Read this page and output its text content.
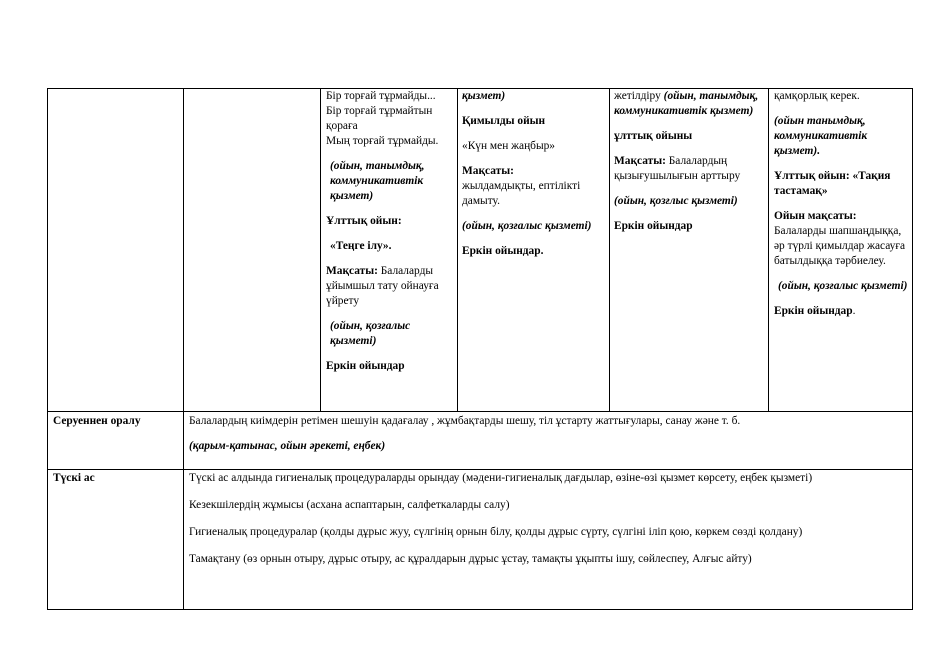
Бір торғай тұрмайды...

Бір торғай тұрмайтын

қораға

Мың торғай тұрмайды.

(ойын, танымдық, коммуникативтік қызмет)

Ұлттық ойын:

«Теңге ілу».

Мақсаты: Балаларды ұйымшыл тату ойнауға үйрету

(ойын, қозғалыс қызметі)

Еркін ойындар

қызмет)

Қимылды ойын

«Күн мен жаңбыр»

Мақсаты:

жылдамдықты, ептілікті дамыту.

(ойын, қозғалыс қызметі)

Еркін ойындар.

жетілдіру (ойын, танымдық, коммуникативтік қызмет)

ұлттық ойыны

Мақсаты: Балалардың қызығушылығын арттыру

(ойын, қозғлыс қызметі)

Еркін ойындар

қамқорлық керек.

(ойын танымдық, коммуникативтік қызмет).

Ұлттық ойын: «Тақия тастамақ»

Ойын мақсаты: Балаларды шапшаңдыққа, әр түрлі қимылдар жасауға батылдыққа тәрбиелеу.

(ойын, қозғалыс қызметі)

Еркін ойындар.

Серуеннен оралу	Балалардың киімдерін ретімен шешуін қадағалау , жұмбақтарды шешу, тіл ұстарту жаттығулары, санау және т. б.

(қарым-қатынас, ойын әрекеті, еңбек)

Түскі ас	Түскі ас алдында гигиеналық процедураларды орындау (мәдени-гигиеналық дағдылар, өзіне-өзі қызмет көрсету, еңбек қызметі)

Кезекшілердің жұмысы (асхана аспаптарын, салфеткаларды салу)

Гигиеналық процедуралар (қолды дұрыс жуу, сүлгінің орнын білу, қолды дұрыс сүрту, сүлгіні іліп қою, көркем сөзді қолдану)

Тамақтану (өз орнын отыру, дұрыс отыру, ас құралдарын дұрыс ұстау, тамақты ұқыпты ішу, сөйлеспеу, Алғыс айту)
